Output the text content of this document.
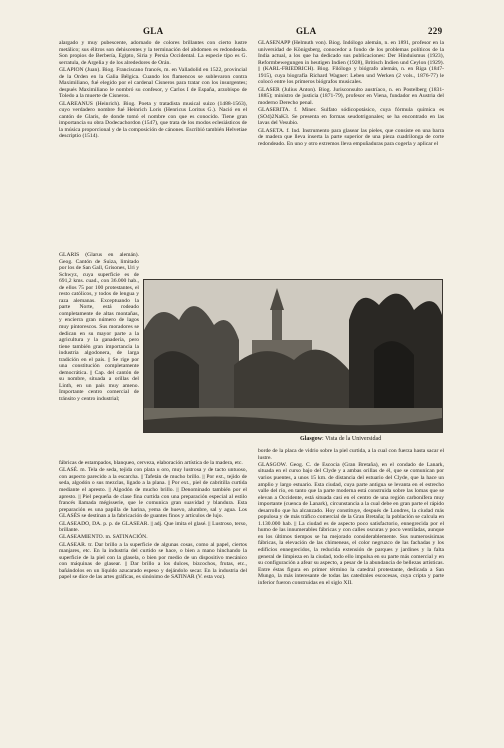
GLA	GLA	229

alargado y muy pubescente, adornado de colores brillantes con cierto lustre metálico; sus élitros son dehiscentes y la terminación del abdomen es redondeada. Son propios de Berbería, Egipto, Siria y Persia Occidental. La especie tipo es G. serratula, de Argelia y de los alrededores de Orán.

GLAPION (Juan). Biog. Franciscano francés, m. en Valladolid en 1522, provincial de la Orden en la Galia Bélgica. Cuando los flamencos se sublevaron contra Maximiliano, fué elegido por el cardenal Cisneros para tratar con los insurgentes; después Maximiliano le nombró su confesor, y Carlos I de España, arzobispo de Toledo a la muerte de Cisneros.

GLAREANUS (Heinrich). Biog. Poeta y tratadista musical suizo (1488-1563), cuyo verdadero nombre fué Heinrich Loris (Henricus Loritus G.). Nació en el cantón de Glaris, de donde tomó el nombre con que es conocido. Tiene gran importancia su obra Dodecachordon (1547), que trata de los modos eclesiásticos de la música proporcional y de la composición de cánones. Escribió también Helvetiae descriptio (1514).

GLARIS (Glarus en alemán). Geog. Cantón de Suiza, limitado por los de San Gall, Grisones, Uri y Schwyz, cuya superficie es de 691,2 kms. cuad., con 36.000 hab., de ellos 75 por 100 protestantes, el resto católicos, y todos de lengua y raza alemanas. Exceptuando la parte Norte, está rodeado completamente de altas montañas, y encierra gran número de lagos muy pintorescos. Sus moradores se dedican en su mayor parte a la agricultura y la ganadería, pero tiene también gran importancia la industria algodonera, de larga tradición en el país. || Se rige por una constitución completamente democrática. || Cap. del cantón de su nombre, situada a orillas del Linth, en un país muy ameno. Importante centro comercial de tránsito y centro industrial;

Glasgow: Vista de la Universidad

fábricas de estampados, blanqueo, cerveza, elaboración artística de la madera, etc.

GLASÉ. m. Tela de seda, tejida con plata u oro, muy lustrosa y de tacto untuoso, con aspecto parecido a la escarcha. || Tafetán de mucho brillo. || Por ext., tejido de seda, algodón o sus mezclas, ligado a la plana. || Por ext., piel de cabritilla curtida mediante el apresto. || Algodón de mucho brillo. || Denominado también por el apresto. || Piel pequeña de clase fina curtida con una preparación especial al estilo francés llamada mégisserie, que le comunica gran suavidad y blandura. Esta preparación es una papilla de harina, yema de huevo, alumbre, sal y agua. Los GLASÉS se destinan a la fabricación de guantes finos y artículos de lujo.

GLASEADO, DA. p. p. de GLASEAR. || adj. Que imita el glasé. || Lustroso, terso, brillante.

GLASEAMIENTO. m. SATINACIÓN.

GLASEAR. tr. Dar brillo a la superficie de algunas cosas, como al papel, ciertos manjares, etc. En la industria del curtido se hace, o bien a mano hinchando la superficie de la piel con la glasela, o bien por medio de un dispositivo mecánico con máquinas de glasear. || Dar brillo a los dulces, bizcochos, frutas, etc., bañándolos en un líquido azucarado espeso y dejándolo secar. En la industria del papel se dice de las artes gráficas, es sinónimo de SATINAR (V. esta voz).

GLASENAPP (Helmuth von). Biog. Indólogo alemán, n. en 1891, profesor en la universidad de Königsberg, conocedor a fondo de los problemas políticos de la India actual, a los que ha dedicado sus publicaciones: Der Hinduismus (1923), Reformbewegungen in heutigen Indien (1928), Britisch Indien und Ceylon (1929). || (KARL-FRIEDRICH). Biog. Filólogo y biógrafo alemán, n. en Riga (1847-1915), cuya biografía Richard Wagner: Leben und Werken (2 vols., 1876-77) le colocó entre los primeros biógrafos musicales.

GLASER (Julius Anton). Biog. Jurisconsulto austríaco, n. en Postelberg (1831-1885); ministro de justicia (1871-79), profesor en Viena, fundador en Austria del moderno Derecho penal.

GLASERITA. f. Miner. Sulfato sódicopotásico, cuya fórmula química es (SO4)2NaK3. Se presenta en formas seudotrigonales; se ha encontrado en las lavas del Vesubio.

GLASETA. f. Ind. Instrumento para glasear las pieles, que consiste en una barra de madera que lleva inserta la parte superior de una pieza cuadrilonga de corte redondeado. En uno y otro extremos lleva empuñaduras para cogerla y aplicar el

borde de la placa de vidrio sobre la piel curtida, a la cual con fuerza hasta sacar el lustre.

GLASGOW. Geog. C. de Escocia (Gran Bretaña), en el condado de Lanark, situada en el curso bajo del Clyde y a ambas orillas de él, que se comunican por varios puentes, a unos 15 km. de distancia del estuario del Clyde, que la hace un amplio y largo estuario. Esta ciudad, cuya parte antigua se levanta en el estrecho valle del río, en tanto que la parte moderna está construida sobre las lomas que se elevan a Occidente, está situada casi en el centro de una región carbonífera muy importante (cuenca de Lanark), circunstancia a la cual debe en gran parte el rápido desarrollo que ha alcanzado. Hoy constituye, después de Londres, la ciudad más populosa y de más tráfico comercial de la Gran Bretaña; la población se calcula en 1.130.000 hab. || La ciudad es de aspecto poco satisfactorio, ennegrecida por el humo de las innumerables fábricas y con calles oscuras y poco ventiladas, aunque en los últimos tiempos se ha mejorado considerablemente. Sus numerosísimas fábricas, la elevación de las chimeneas, el color negruzco de las fachadas y los edificios ennegrecidos, la reducida extensión de parques y jardines y la falta general de limpieza en la ciudad, todo ello impulsa en su parte más comercial y en su configuración a afear su aspecto, a pesar de la abundancia de bellezas artísticas. Entre éstas figura en primer término la catedral protestante, dedicada a San Mungo, la más interesante de todas las catedrales escocesas, cuya cripta y parte inferior fueron construidas en el siglo XII.
